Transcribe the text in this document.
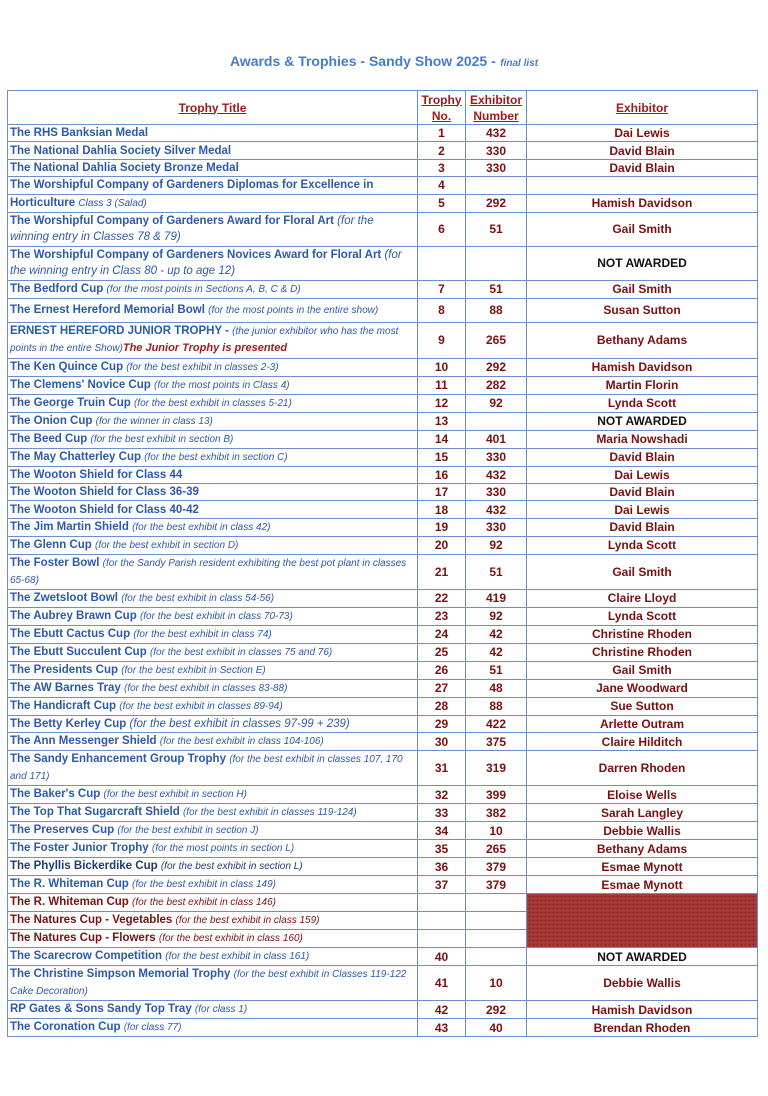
Awards & Trophies - Sandy Show 2025 - final list
Trophy Title	Trophy No.	Exhibitor Number	Exhibitor
The RHS Banksian Medal	1	432	Dai Lewis
The National Dahlia Society Silver Medal	2	330	David Blain
The National Dahlia Society Bronze Medal	3	330	David Blain
The Worshipful Company of Gardeners Diplomas for Excellence in	4		
Horticulture Class 3 (Salad)	5	292	Hamish Davidson
The Worshipful Company of Gardeners Award for Floral Art (for the winning entry in Classes 78 & 79)	6	51	Gail Smith
The Worshipful Company of Gardeners Novices Award for Floral Art (for the winning entry in Class 80 - up to age 12)			NOT AWARDED
The Bedford Cup (for the most points in Sections A, B, C & D)	7	51	Gail Smith
The Ernest Hereford Memorial Bowl (for the most points in the entire show)	8	88	Susan Sutton
ERNEST HEREFORD JUNIOR TROPHY - (the junior exhibitor who has the most points in the entire Show)The Junior Trophy is presented	9	265	Bethany Adams
The Ken Quince Cup (for the best exhibit in classes 2-3)	10	292	Hamish Davidson
The Clemens' Novice Cup (for the most points in Class 4)	11	282	Martin Florin
The George Truin Cup (for the best exhibit in classes 5-21)	12	92	Lynda Scott
The Onion Cup (for the winner in class 13)	13		NOT AWARDED
The Beed Cup (for the best exhibit in section B)	14	401	Maria Nowshadi
The May Chatterley Cup (for the best exhibit in section C)	15	330	David Blain
The Wooton Shield for Class 44	16	432	Dai Lewis
The Wooton Shield for Class 36-39	17	330	David Blain
The Wooton Shield for Class 40-42	18	432	Dai Lewis
The Jim Martin Shield (for the best exhibit in class 42)	19	330	David Blain
The Glenn Cup (for the best exhibit in section D)	20	92	Lynda Scott
The Foster Bowl (for the Sandy Parish resident exhibiting the best pot plant in classes 65-68)	21	51	Gail Smith
The Zwetsloot Bowl (for the best exhibit in class 54-56)	22	419	Claire Lloyd
The Aubrey Brawn Cup (for the best exhibit in class 70-73)	23	92	Lynda Scott
The Ebutt Cactus Cup (for the best exhibit in class 74)	24	42	Christine Rhoden
The Ebutt Succulent Cup (for the best exhibit in classes 75 and 76)	25	42	Christine Rhoden
The Presidents Cup (for the best exhibit in Section E)	26	51	Gail Smith
The AW Barnes Tray (for the best exhibit in classes 83-88)	27	48	Jane Woodward
The Handicraft Cup (for the best exhibit in classes 89-94)	28	88	Sue Sutton
The Betty Kerley Cup (for the best exhibit in classes 97-99 + 239)	29	422	Arlette Outram
The Ann Messenger Shield (for the best exhibit in class 104-106)	30	375	Claire Hilditch
The Sandy Enhancement Group Trophy (for the best exhibit in classes 107, 170 and 171)	31	319	Darren Rhoden
The Baker's Cup (for the best exhibit in section H)	32	399	Eloise Wells
The Top That Sugarcraft Shield (for the best exhibit in classes 119-124)	33	382	Sarah Langley
The Preserves Cup (for the best exhibit in section J)	34	10	Debbie Wallis
The Foster Junior Trophy (for the most points in section L)	35	265	Bethany Adams
The Phyllis Bickerdike Cup (for the best exhibit in section L)	36	379	Esmae Mynott
The R. Whiteman Cup (for the best exhibit in class 149)	37	379	Esmae Mynott
The R. Whiteman Cup (for the best exhibit in class 146)			
The Natures Cup - Vegetables (for the best exhibit in class 159)			
The Natures Cup - Flowers (for the best exhibit in class 160)			
The Scarecrow Competition (for the best exhibit in class 161)	40		NOT AWARDED
The Christine Simpson Memorial Trophy (for the best exhibit in Classes 119-122 Cake Decoration)	41	10	Debbie Wallis
RP Gates & Sons Sandy Top Tray (for class 1)	42	292	Hamish Davidson
The Coronation Cup (for class 77)	43	40	Brendan Rhoden
